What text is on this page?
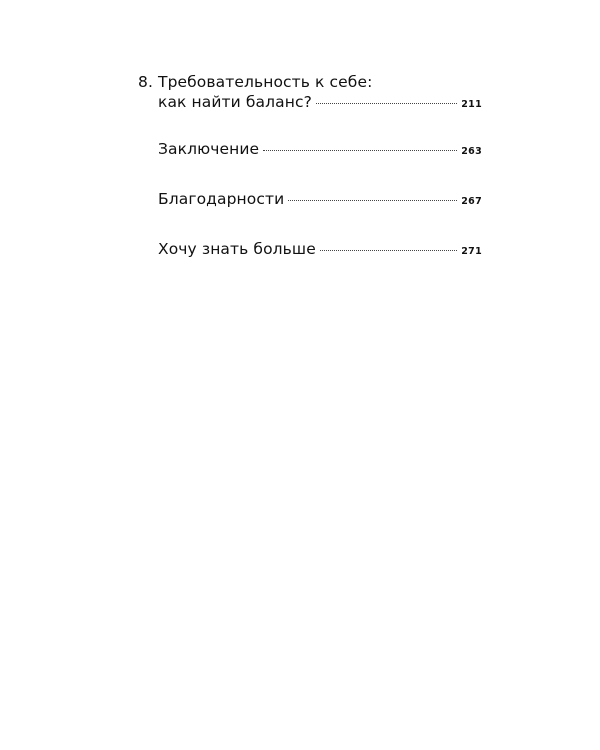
8. Требовательность к себе:
как найти баланс?	211
Заключение	263
Благодарности	267
Хочу знать больше	271
